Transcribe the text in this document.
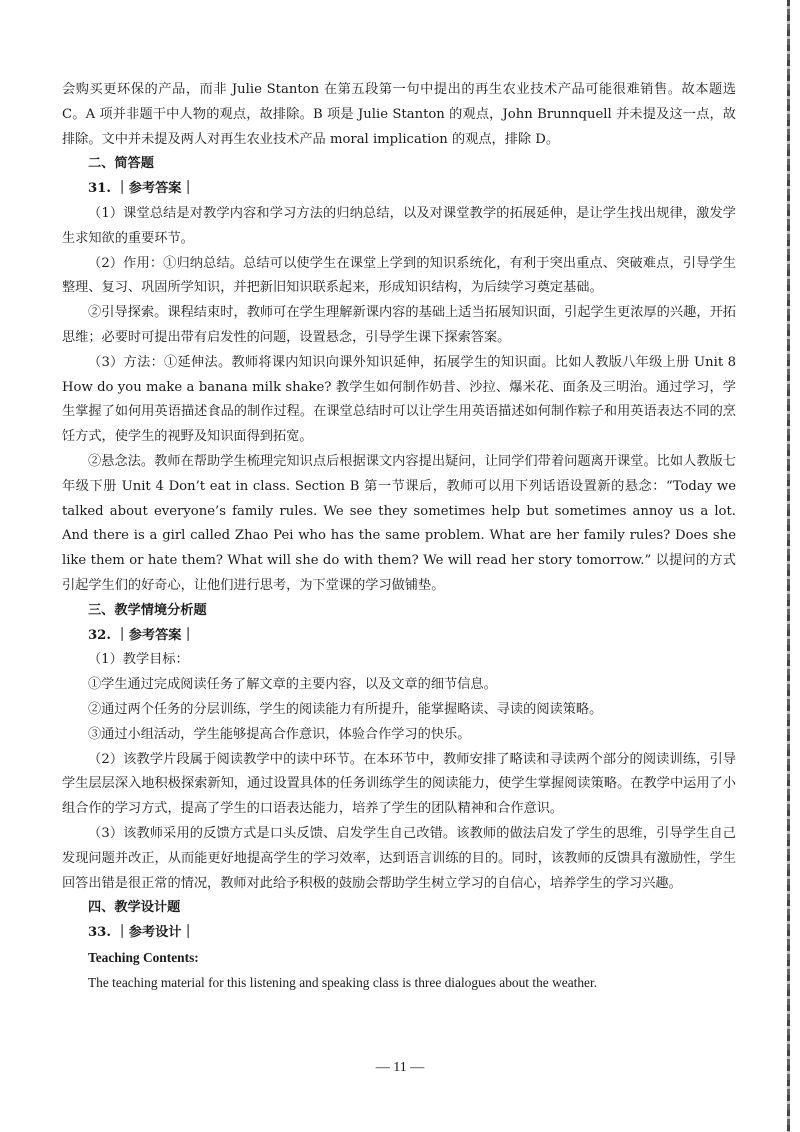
会购买更环保的产品，而非 Julie Stanton 在第五段第一句中提出的再生农业技术产品可能很难销售。故本题选 C。A 项并非题干中人物的观点，故排除。B 项是 Julie Stanton 的观点，John Brunnquell 并未提及这一点，故排除。文中并未提及两人对再生农业技术产品 moral implication 的观点，排除 D。

二、简答题

31. ｜参考答案｜

（1）课堂总结是对教学内容和学习方法的归纳总结，以及对课堂教学的拓展延伸，是让学生找出规律，激发学生求知欲的重要环节。

（2）作用：①归纳总结。总结可以使学生在课堂上学到的知识系统化，有利于突出重点、突破难点，引导学生整理、复习、巩固所学知识，并把新旧知识联系起来，形成知识结构，为后续学习奠定基础。

②引导探索。课程结束时，教师可在学生理解新课内容的基础上适当拓展知识面，引起学生更浓厚的兴趣，开拓思维；必要时可提出带有启发性的问题，设置悬念，引导学生课下探索答案。

（3）方法：①延伸法。教师将课内知识向课外知识延伸，拓展学生的知识面。比如人教版八年级上册 Unit 8 How do you make a banana milk shake? 教学生如何制作奶昔、沙拉、爆米花、面条及三明治。通过学习，学生掌握了如何用英语描述食品的制作过程。在课堂总结时可以让学生用英语描述如何制作粽子和用英语表达不同的烹饪方式，使学生的视野及知识面得到拓宽。

②悬念法。教师在帮助学生梳理完知识点后根据课文内容提出疑问，让同学们带着问题离开课堂。比如人教版七年级下册 Unit 4 Don’t eat in class. Section B 第一节课后，教师可以用下列话语设置新的悬念：“Today we talked about everyone’s family rules. We see they sometimes help but sometimes annoy us a lot. And there is a girl called Zhao Pei who has the same problem. What are her family rules? Does she like them or hate them? What will she do with them? We will read her story tomorrow.” 以提问的方式引起学生们的好奇心，让他们进行思考，为下堂课的学习做铺垫。

三、教学情境分析题

32. ｜参考答案｜

（1）教学目标：

①学生通过完成阅读任务了解文章的主要内容，以及文章的细节信息。

②通过两个任务的分层训练，学生的阅读能力有所提升，能掌握略读、寻读的阅读策略。

③通过小组活动，学生能够提高合作意识，体验合作学习的快乐。

（2）该教学片段属于阅读教学中的读中环节。在本环节中，教师安排了略读和寻读两个部分的阅读训练，引导学生层层深入地积极探索新知，通过设置具体的任务训练学生的阅读能力，使学生掌握阅读策略。在教学中运用了小组合作的学习方式，提高了学生的口语表达能力，培养了学生的团队精神和合作意识。

（3）该教师采用的反馈方式是口头反馈、启发学生自己改错。该教师的做法启发了学生的思维，引导学生自己发现问题并改正，从而能更好地提高学生的学习效率，达到语言训练的目的。同时，该教师的反馈具有激励性，学生回答出错是很正常的情况，教师对此给予积极的鼓励会帮助学生树立学习的自信心，培养学生的学习兴趣。

四、教学设计题

33. ｜参考设计｜

Teaching Contents:

The teaching material for this listening and speaking class is three dialogues about the weather.

— 11 —
